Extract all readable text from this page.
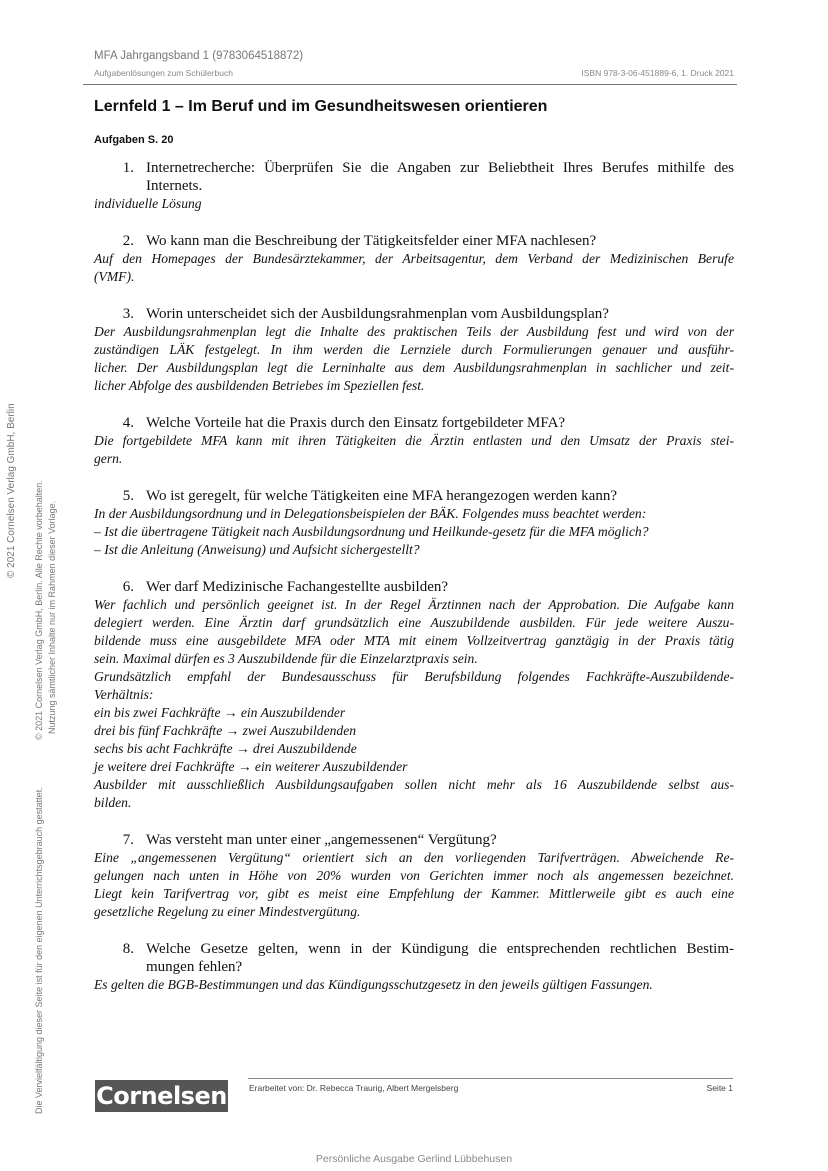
MFA Jahrgangsband 1 (9783064518872)
Aufgabenlösungen zum Schülerbuch	ISBN 978-3-06-451889-6, 1. Druck 2021
Lernfeld 1 – Im Beruf und im Gesundheitswesen orientieren
Aufgaben S. 20
1. Internetrecherche: Überprüfen Sie die Angaben zur Beliebtheit Ihres Berufes mithilfe des
Internets.
individuelle Lösung
2. Wo kann man die Beschreibung der Tätigkeitsfelder einer MFA nachlesen?
Auf den Homepages der Bundesärztekammer, der Arbeitsagentur, dem Verband der Medizinischen Berufe
(VMF).
3. Worin unterscheidet sich der Ausbildungsrahmenplan vom Ausbildungsplan?
Der Ausbildungsrahmenplan legt die Inhalte des praktischen Teils der Ausbildung fest und wird von der
zuständigen LÄK festgelegt. In ihm werden die Lernziele durch Formulierungen genauer und ausführ-
licher. Der Ausbildungsplan legt die Lerninhalte aus dem Ausbildungsrahmenplan in sachlicher und zeit-
licher Abfolge des ausbildenden Betriebes im Speziellen fest.
4. Welche Vorteile hat die Praxis durch den Einsatz fortgebildeter MFA?
Die fortgebildete MFA kann mit ihren Tätigkeiten die Ärztin entlasten und den Umsatz der Praxis stei-
gern.
5. Wo ist geregelt, für welche Tätigkeiten eine MFA herangezogen werden kann?
In der Ausbildungsordnung und in Delegationsbeispielen der BÄK. Folgendes muss beachtet werden:
– Ist die übertragene Tätigkeit nach Ausbildungsordnung und Heilkunde-gesetz für die MFA möglich?
– Ist die Anleitung (Anweisung) und Aufsicht sichergestellt?
6. Wer darf Medizinische Fachangestellte ausbilden?
Wer fachlich und persönlich geeignet ist. In der Regel Ärztinnen nach der Approbation. Die Aufgabe kann
delegiert werden. Eine Ärztin darf grundsätzlich eine Auszubildende ausbilden. Für jede weitere Auszu-
bildende muss eine ausgebildete MFA oder MTA mit einem Vollzeitvertrag ganztägig in der Praxis tätig
sein. Maximal dürfen es 3 Auszubildende für die Einzelarztpraxis sein.
Grundsätzlich empfahl der Bundesausschuss für Berufsbildung folgendes Fachkräfte-Auszubildende-
Verhältnis:
ein bis zwei Fachkräfte → ein Auszubildender
drei bis fünf Fachkräfte → zwei Auszubildenden
sechs bis acht Fachkräfte → drei Auszubildende
je weitere drei Fachkräfte → ein weiterer Auszubildender
Ausbilder mit ausschließlich Ausbildungsaufgaben sollen nicht mehr als 16 Auszubildende selbst aus-
bilden.
7. Was versteht man unter einer „angemessenen“ Vergütung?
Eine „angemessenen Vergütung“ orientiert sich an den vorliegenden Tarifverträgen. Abweichende Re-
gelungen nach unten in Höhe von 20% wurden von Gerichten immer noch als angemessen bezeichnet.
Liegt kein Tarifvertrag vor, gibt es meist eine Empfehlung der Kammer. Mittlerweile gibt es auch eine
gesetzliche Regelung zu einer Mindestvergütung.
8. Welche Gesetze gelten, wenn in der Kündigung die entsprechenden rechtlichen Bestim-
mungen fehlen?
Es gelten die BGB-Bestimmungen und das Kündigungsschutzgesetz in den jeweils gültigen Fassungen.
© 2021 Cornelsen Verlag GmbH, Berlin © 2021 Cornelsen Verlag GmbH, Berlin. Alle Rechte vorbehalten. Nutzung sämtlicher Inhalte nur im Rahmen dieser Vorlage.
Die Vervielfältigung dieser Seite ist für den eigenen Unterrichtsgebrauch gestattet. Cornelsen	Erarbeitet von: Dr. Rebecca Traurig, Albert Mergelsberg	Seite 1
Persönliche Ausgabe Gerlind Lübbehusen
